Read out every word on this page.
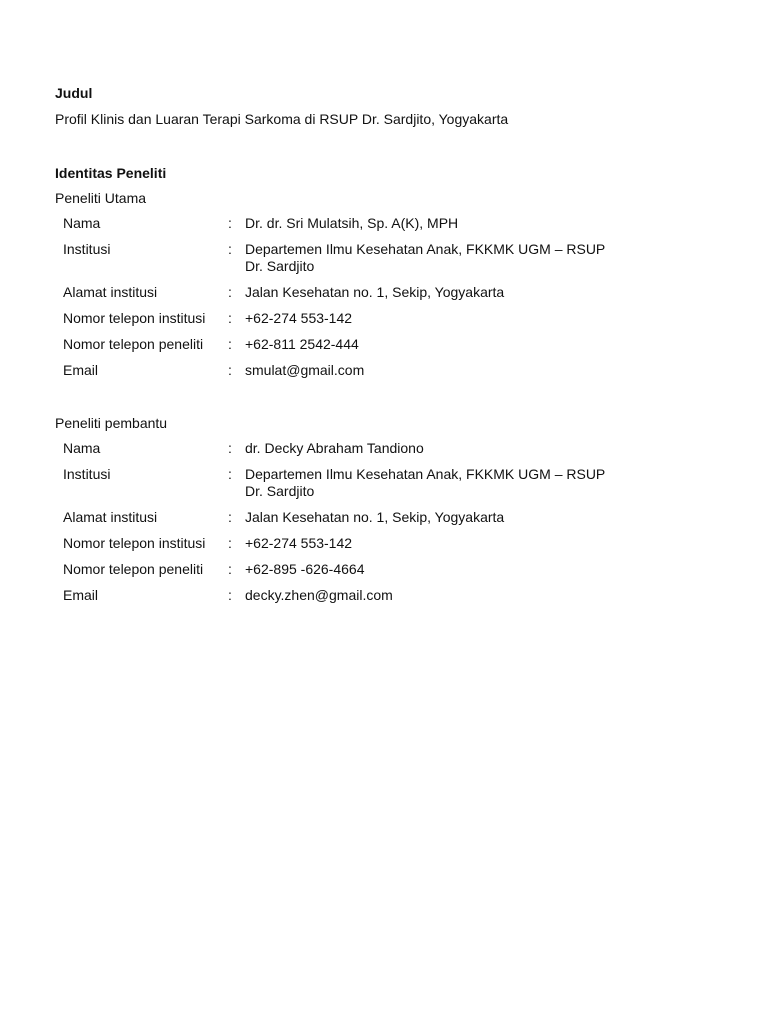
Judul

Profil Klinis dan Luaran Terapi Sarkoma di RSUP Dr. Sardjito, Yogyakarta

Identitas Peneliti

Peneliti Utama

Nama	:	Dr. dr. Sri Mulatsih, Sp. A(K), MPH
Institusi	:	Departemen Ilmu Kesehatan Anak, FKKMK UGM – RSUP Dr. Sardjito
Alamat institusi	:	Jalan Kesehatan no. 1, Sekip, Yogyakarta
Nomor telepon institusi	:	+62-274 553-142
Nomor telepon peneliti	:	+62-811 2542-444
Email	:	smulat@gmail.com

Peneliti pembantu

Nama	:	dr. Decky Abraham Tandiono
Institusi	:	Departemen Ilmu Kesehatan Anak, FKKMK UGM – RSUP Dr. Sardjito
Alamat institusi	:	Jalan Kesehatan no. 1, Sekip, Yogyakarta
Nomor telepon institusi	:	+62-274 553-142
Nomor telepon peneliti	:	+62-895 -626-4664
Email	:	decky.zhen@gmail.com
